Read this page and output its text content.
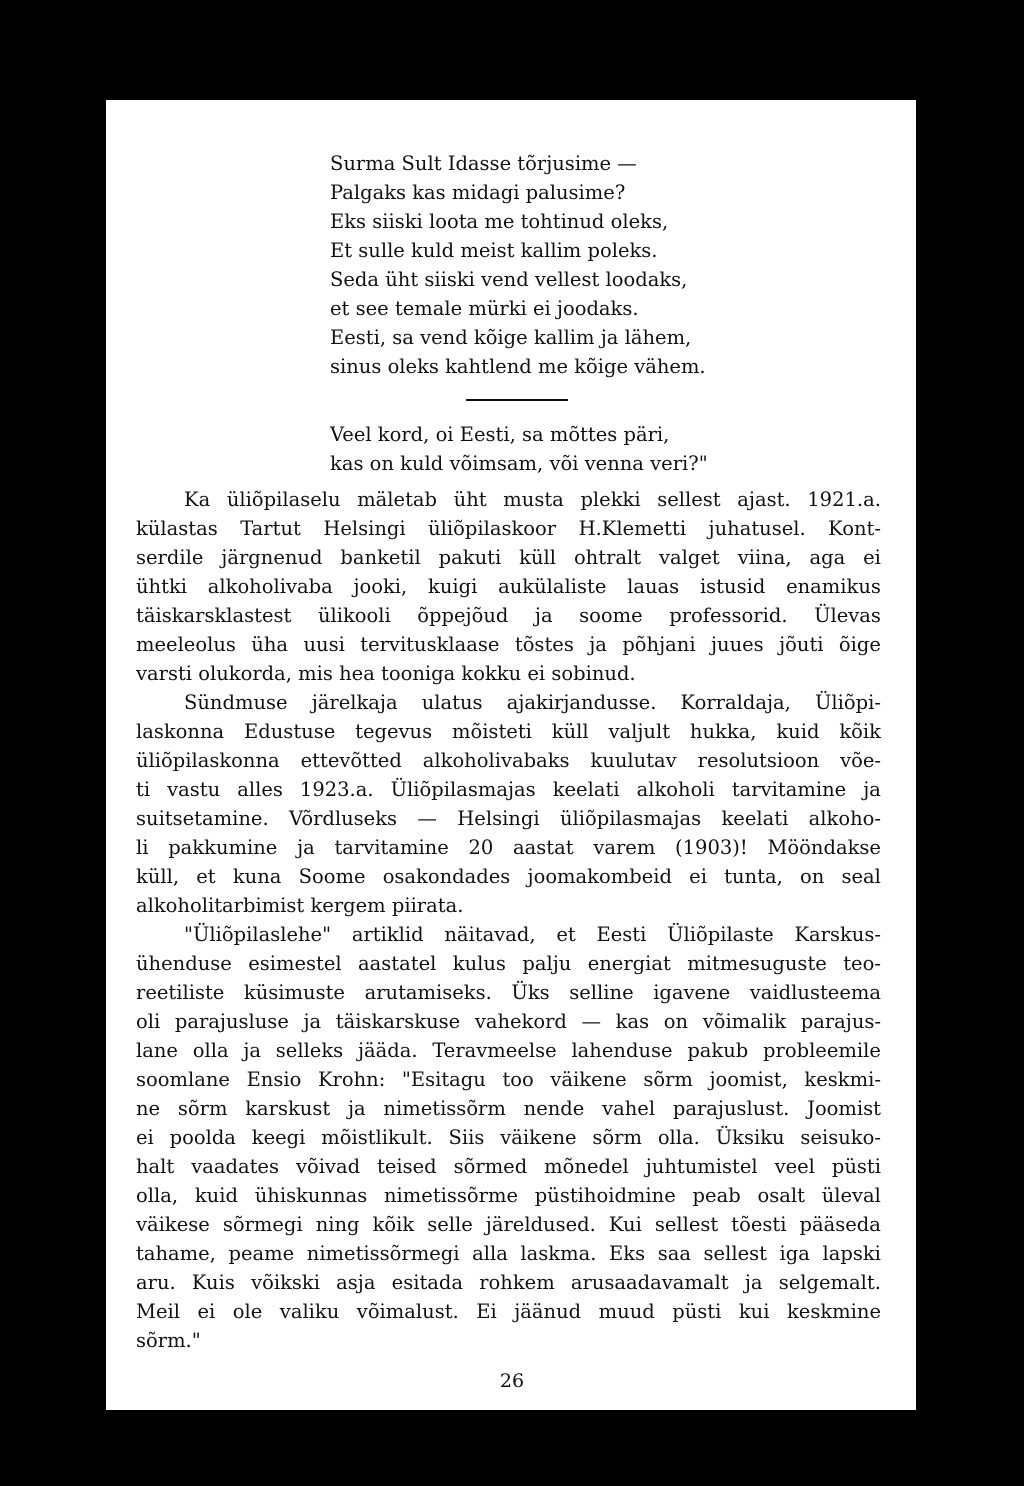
Surma Sult Idasse tõrjusime —
Palgaks kas midagi palusime?
Eks siiski loota me tohtinud oleks,
Et sulle kuld meist kallim poleks.
Seda üht siiski vend vellest loodaks,
et see temale mürki ei joodaks.
Eesti, sa vend kõige kallim ja lähem,
sinus oleks kahtlend me kõige vähem.
Veel kord, oi Eesti, sa mõttes päri,
kas on kuld võimsam, või venna veri?"
Ka üliõpilaselu mäletab üht musta plekki sellest ajast. 1921.a.
külastas Tartut Helsingi üliõpilaskoor H.Klemetti juhatusel. Kont-
serdile järgnenud banketil pakuti küll ohtralt valget viina, aga ei
ühtki alkoholivaba jooki, kuigi aukülaliste lauas istusid enamikus
täiskarsklastest ülikooli õppejõud ja soome professorid. Ülevas
meeleolus üha uusi tervitusklaase tõstes ja põhjani juues jõuti õige
varsti olukorda, mis hea tooniga kokku ei sobinud.
Sündmuse järelkaja ulatus ajakirjandusse. Korraldaja, Üliõpi-
laskonna Edustuse tegevus mõisteti küll valjult hukka, kuid kõik
üliõpilaskonna ettevõtted alkoholivabaks kuulutav resolutsioon võe-
ti vastu alles 1923.a. Üliõpilasmajas keelati alkoholi tarvitamine ja
suitsetamine. Võrdluseks — Helsingi üliõpilasmajas keelati alkoho-
li pakkumine ja tarvitamine 20 aastat varem (1903)! Mööndakse
küll, et kuna Soome osakondades joomakombeid ei tunta, on seal
alkoholitarbimist kergem piirata.
"Üliõpilaslehe" artiklid näitavad, et Eesti Üliõpilaste Karskus-
ühenduse esimestel aastatel kulus palju energiat mitmesuguste teo-
reetiliste küsimuste arutamiseks. Üks selline igavene vaidlusteema
oli parajusluse ja täiskarskuse vahekord — kas on võimalik parajus-
lane olla ja selleks jääda. Teravmeelse lahenduse pakub probleemile
soomlane Ensio Krohn: "Esitagu too väikene sõrm joomist, keskmi-
ne sõrm karskust ja nimetissõrm nende vahel parajuslust. Joomist
ei poolda keegi mõistlikult. Siis väikene sõrm olla. Üksiku seisuko-
halt vaadates võivad teised sõrmed mõnedel juhtumistel veel püsti
olla, kuid ühiskunnas nimetissõrme püstihoidmine peab osalt üleval
väikese sõrmegi ning kõik selle järeldused. Kui sellest tõesti pääseda
tahame, peame nimetissõrmegi alla laskma. Eks saa sellest iga lapski
aru. Kuis võikski asja esitada rohkem arusaadavamalt ja selgemalt.
Meil ei ole valiku võimalust. Ei jäänud muud püsti kui keskmine
sõrm."
26
